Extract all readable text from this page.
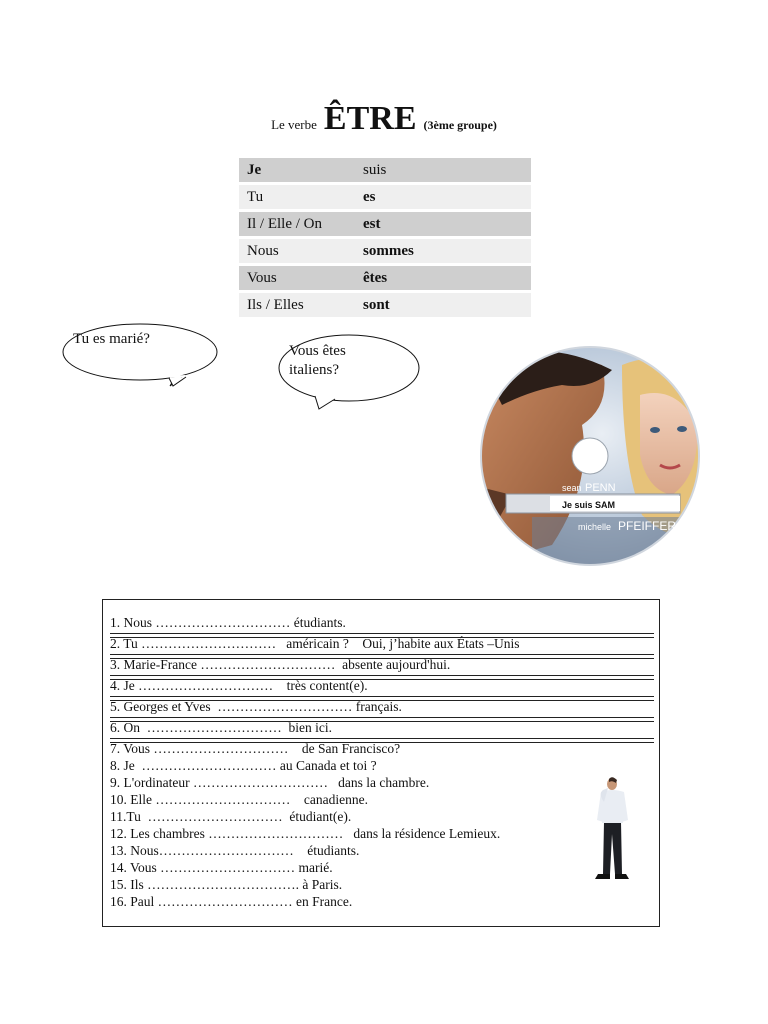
Le verbe ÊTRE (3ème groupe)
Je	suis
Tu	es
Il / Elle / On	est
Nous	sommes
Vous	êtes
Ils / Elles	sont
Tu es marié?
Vous êtes
italiens?
sean PENN
Je suis SAM
michelle PFEIFFER
1. Nous ………………………… étudiants.
2. Tu …………………………   américain ?    Oui, j’habite aux États –Unis
3. Marie-France …………………………  absente aujourd'hui.
4. Je …………………………    très content(e).
5. Georges et Yves  ………………………… français.
6. On  …………………………  bien ici.
7. Vous …………………………    de San Francisco?
8. Je  ………………………… au Canada et toi ?
9. L'ordinateur …………………………   dans la chambre.
10. Elle …………………………    canadienne.
11.Tu  …………………………  étudiant(e).
12. Les chambres …………………………   dans la résidence Lemieux.
13. Nous…………………………    étudiants.
14. Vous ………………………… marié.
15. Ils ……………………………. à Paris.
16. Paul ………………………… en France.
